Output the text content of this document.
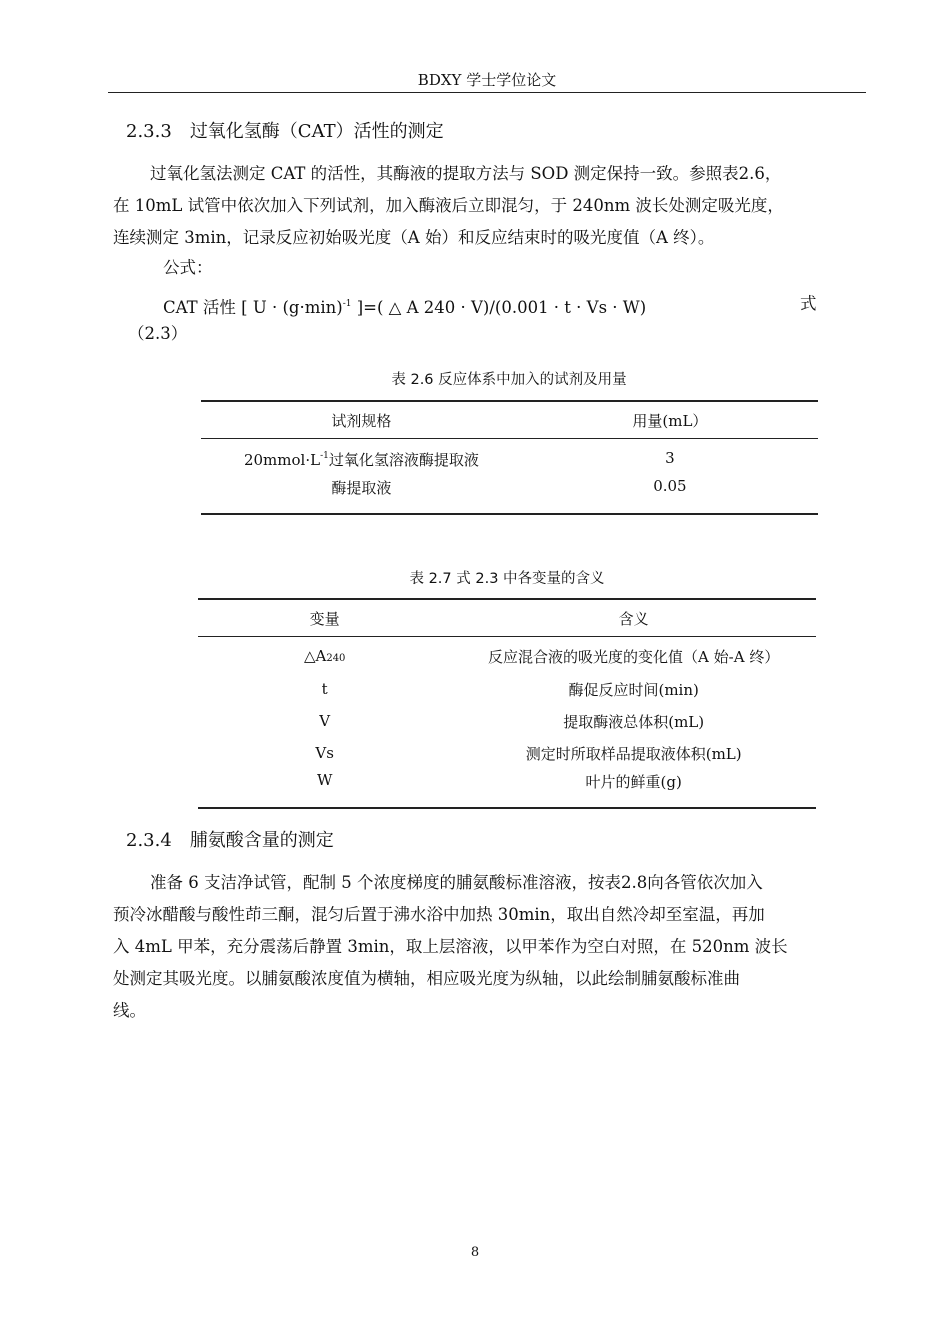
BDXY 学士学位论文
2.3.3 过氧化氢酶（CAT）活性的测定
过氧化氢法测定 CAT 的活性，其酶液的提取方法与 SOD 测定保持一致。参照表2.6，
在 10mL 试管中依次加入下列试剂，加入酶液后立即混匀，于 240nm 波长处测定吸光度，
连续测定 3min，记录反应初始吸光度（A 始）和反应结束时的吸光度值（A 终）。
公式：
CAT 活性 [ $U \cdot (g\cdot\min)^{-1}$ ]=( △ A 240 · V)/(0.001 · t · Vs · W)	式
（2.3）
表 2.6 反应体系中加入的试剂及用量
试剂规格	用量(mL）
$20mmol\cdot L^{-1}$过氧化氢溶液酶提取液	3
酶提取液	0.05
表 2.7 式 2.3 中各变量的含义
变量	含义
△A240	反应混合液的吸光度的变化值（A 始-A 终）
t	酶促反应时间(min)
V	提取酶液总体积(mL)
Vs	测定时所取样品提取液体积(mL)
W	叶片的鲜重(g)
2.3.4 脯氨酸含量的测定
准备 6 支洁净试管，配制 5 个浓度梯度的脯氨酸标准溶液，按表2.8向各管依次加入
预冷冰醋酸与酸性茚三酮，混匀后置于沸水浴中加热 30min，取出自然冷却至室温，再加
入 4mL 甲苯，充分震荡后静置 3min，取上层溶液，以甲苯作为空白对照，在 520nm 波长
处测定其吸光度。以脯氨酸浓度值为横轴，相应吸光度为纵轴，以此绘制脯氨酸标准曲
线。
8
